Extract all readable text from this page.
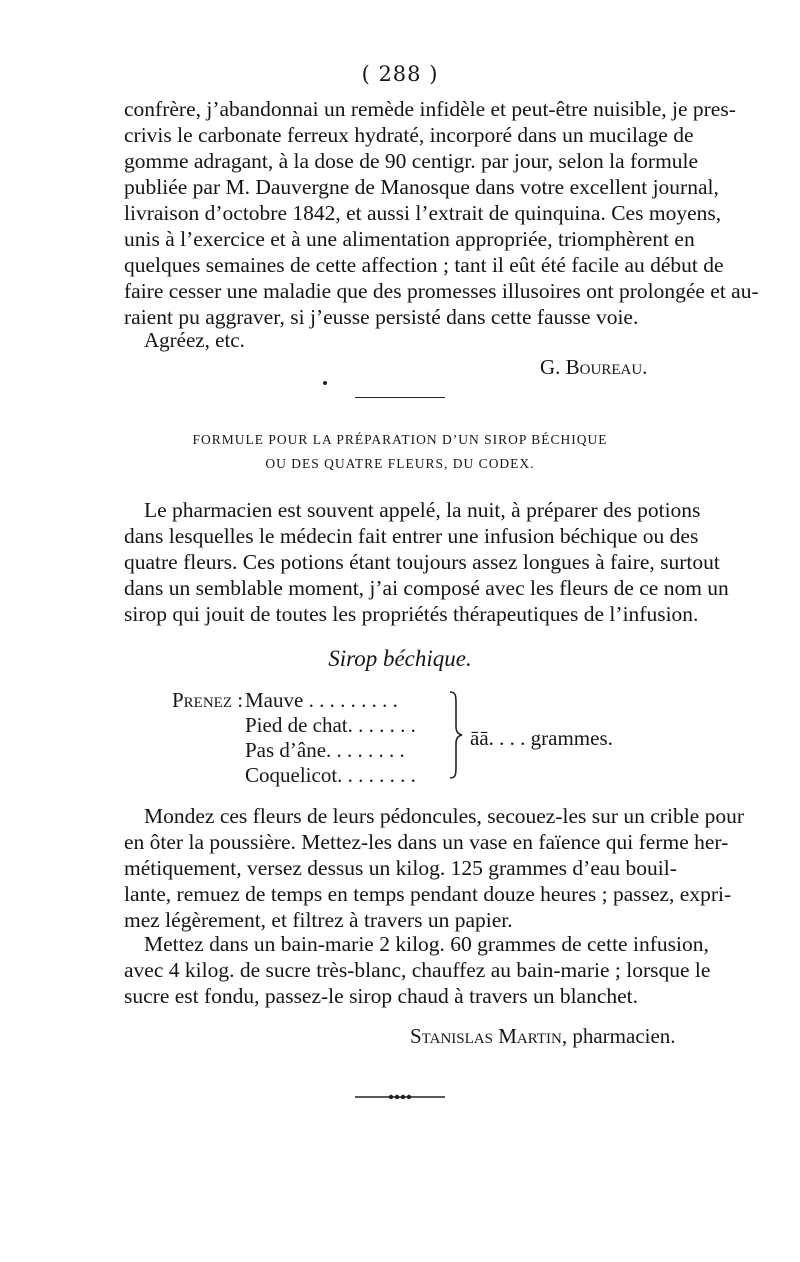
( 288 )
confrère, j’abandonnai un remède infidèle et peut-être nuisible, je pres-
crivis le carbonate ferreux hydraté, incorporé dans un mucilage de
gomme adragant, à la dose de 90 centigr. par jour, selon la formule
publiée par M. Dauvergne de Manosque dans votre excellent journal,
livraison d’octobre 1842, et aussi l’extrait de quinquina. Ces moyens,
unis à l’exercice et à une alimentation appropriée, triomphèrent en
quelques semaines de cette affection ; tant il eût été facile au début de
faire cesser une maladie que des promesses illusoires ont prolongée et au-
raient pu aggraver, si j’eusse persisté dans cette fausse voie.
Agréez, etc.
G. Boureau.
FORMULE POUR LA PRÉPARATION D’UN SIROP BÉCHIQUE
OU DES QUATRE FLEURS, DU CODEX.
Le pharmacien est souvent appelé, la nuit, à préparer des potions
dans lesquelles le médecin fait entrer une infusion béchique ou des
quatre fleurs. Ces potions étant toujours assez longues à faire, surtout
dans un semblable moment, j’ai composé avec les fleurs de ce nom un
sirop qui jouit de toutes les propriétés thérapeutiques de l’infusion.
Sirop béchique.
Prenez : Mauve . . . . . . . . .
Pied de chat. . . . . . .
Pas d’âne. . . . . . . .
Coquelicot. . . . . . . .
āā. . . . grammes.
Mondez ces fleurs de leurs pédoncules, secouez-les sur un crible pour
en ôter la poussière. Mettez-les dans un vase en faïence qui ferme her-
métiquement, versez dessus un kilog. 125 grammes d’eau bouil-
lante, remuez de temps en temps pendant douze heures ; passez, expri-
mez légèrement, et filtrez à travers un papier.
Mettez dans un bain-marie 2 kilog. 60 grammes de cette infusion,
avec 4 kilog. de sucre très-blanc, chauffez au bain-marie ; lorsque le
sucre est fondu, passez-le sirop chaud à travers un blanchet.
Stanislas Martin, pharmacien.
